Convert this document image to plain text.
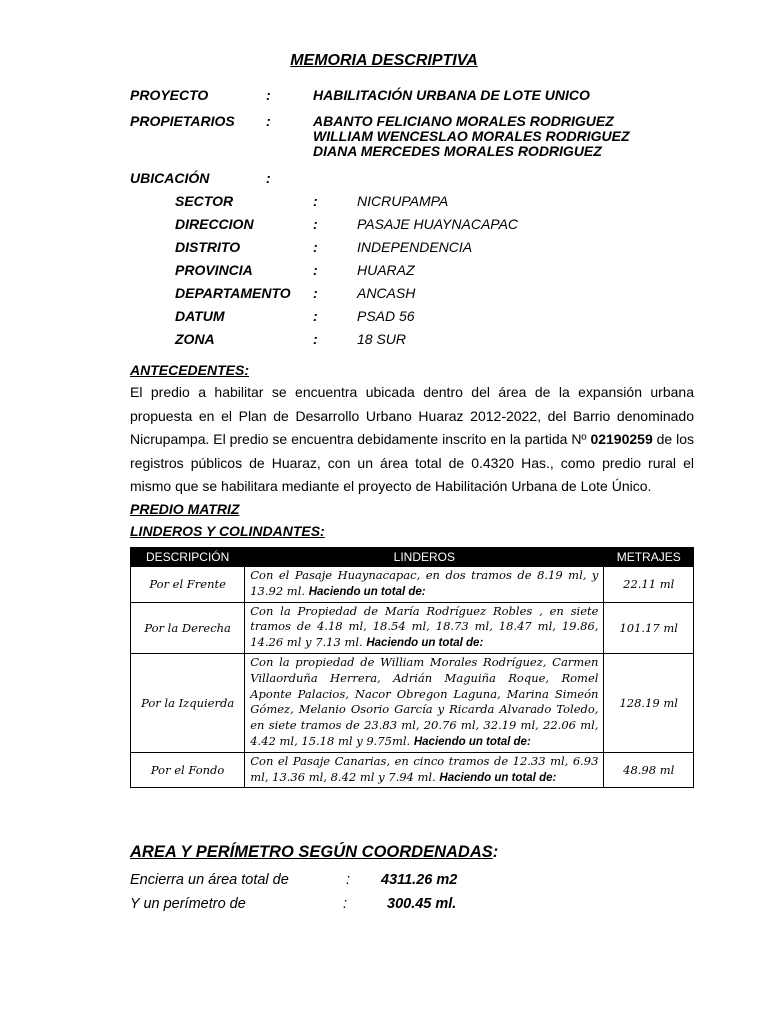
MEMORIA DESCRIPTIVA
PROYECTO	:	HABILITACIÓN URBANA DE LOTE UNICO
PROPIETARIOS :	ABANTO FELICIANO MORALES RODRIGUEZ
WILLIAM WENCESLAO MORALES RODRIGUEZ
DIANA MERCEDES MORALES RODRIGUEZ
UBICACIÓN	:
SECTOR	:	NICRUPAMPA
DIRECCION	:	PASAJE HUAYNACAPAC
DISTRITO	:	INDEPENDENCIA
PROVINCIA	:	HUARAZ
DEPARTAMENTO :	ANCASH
DATUM	:	PSAD 56
ZONA	:	18 SUR
ANTECEDENTES:
El predio a habilitar se encuentra ubicada dentro del área de la expansión urbana propuesta en el Plan de Desarrollo Urbano Huaraz 2012-2022, del Barrio denominado Nicrupampa. El predio se encuentra debidamente inscrito en la partida Nº 02190259 de los registros públicos de Huaraz, con un área total de 0.4320 Has., como predio rural el mismo que se habilitara mediante el proyecto de Habilitación Urbana de Lote Único.
PREDIO MATRIZ
LINDEROS Y COLINDANTES:
DESCRIPCIÓN	LINDEROS	METRAJES
Por el Frente	Con el Pasaje Huaynacapac, en dos tramos de 8.19 ml, y 13.92 ml. Haciendo un total de:	22.11 ml
Por la Derecha	Con la Propiedad de María Rodríguez Robles , en siete tramos de 4.18 ml, 18.54 ml, 18.73 ml, 18.47 ml, 19.86, 14.26 ml y 7.13 ml. Haciendo un total de:	101.17 ml
Por la Izquierda	Con la propiedad de William Morales Rodríguez, Carmen Villaorduña Herrera, Adrián Maguiña Roque, Romel Aponte Palacios, Nacor Obregon Laguna, Marina Simeón Gómez, Melanio Osorio García y Ricarda Alvarado Toledo, en siete tramos de 23.83 ml, 20.76 ml, 32.19 ml, 22.06 ml, 4.42 ml, 15.18 ml y 9.75ml. Haciendo un total de:	128.19 ml
Por el Fondo	Con el Pasaje Canarias, en cinco tramos de 12.33 ml, 6.93 ml, 13.36 ml, 8.42 ml y 7.94 ml. Haciendo un total de:	48.98 ml
AREA Y PERÍMETRO SEGÚN COORDENADAS:
Encierra un área total de	: 4311.26 m2
Y un perímetro de	:	300.45 ml.
